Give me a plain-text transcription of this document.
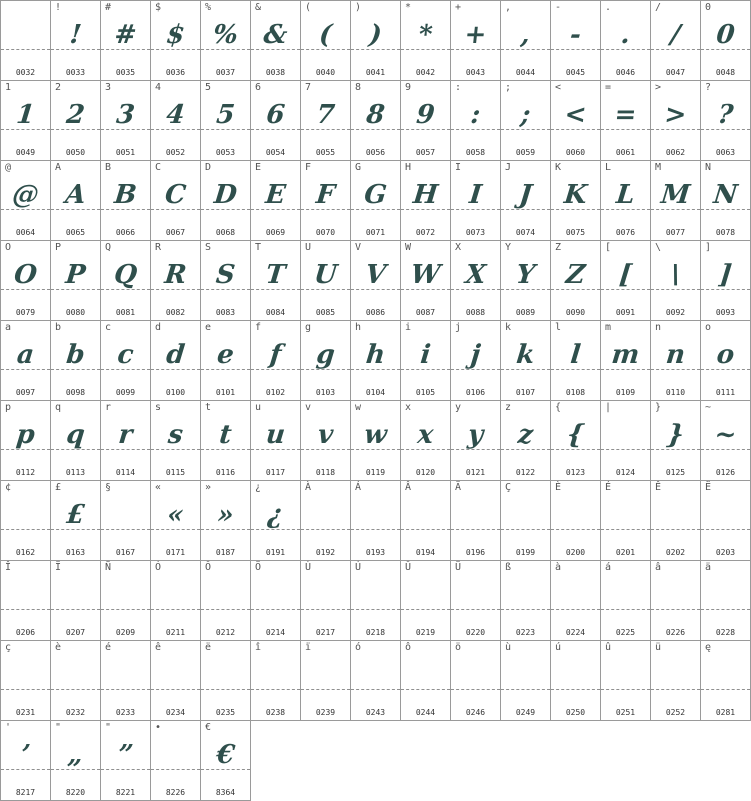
0032
!
!
0033
#
#
0035
$
$
0036
%
%
0037
&
&
0038
(
(
0040
)
)
0041
*
*
0042
+
+
0043
,
,
0044
-
-
0045
.
.
0046
/
/
0047
0
0
0048
1
1
0049
2
2
0050
3
3
0051
4
4
0052
5
5
0053
6
6
0054
7
7
0055
8
8
0056
9
9
0057
:
:
0058
;
;
0059
<
<
0060
=
=
0061
>
>
0062
?
?
0063
@
@
0064
A
A
0065
B
B
0066
C
C
0067
D
D
0068
E
E
0069
F
F
0070
G
G
0071
H
H
0072
I
I
0073
J
J
0074
K
K
0075
L
L
0076
M
M
0077
N
N
0078
O
O
0079
P
P
0080
Q
Q
0081
R
R
0082
S
S
0083
T
T
0084
U
U
0085
V
V
0086
W
W
0087
X
X
0088
Y
Y
0089
Z
Z
0090
[
[
0091
\
\
0092
]
]
0093
a
a
0097
b
b
0098
c
c
0099
d
d
0100
e
e
0101
f
f
0102
g
g
0103
h
h
0104
i
i
0105
j
j
0106
k
k
0107
l
l
0108
m
m
0109
n
n
0110
o
o
0111
p
p
0112
q
q
0113
r
r
0114
s
s
0115
t
t
0116
u
u
0117
v
v
0118
w
w
0119
x
x
0120
y
y
0121
z
z
0122
{
{
0123
|
0124
}
}
0125
~
~
0126
¢
0162
£
£
0163
§
0167
«
«
0171
»
»
0187
¿
¿
0191
À
0192
Á
0193
Â
0194
Ä
0196
Ç
0199
È
0200
É
0201
Ê
0202
Ë
0203
Î
0206
Ï
0207
Ñ
0209
Ó
0211
Ô
0212
Ö
0214
Ù
0217
Ú
0218
Û
0219
Ü
0220
ß
0223
à
0224
á
0225
â
0226
ä
0228
ç
0231
è
0232
é
0233
ê
0234
ë
0235
î
0238
ï
0239
ó
0243
ô
0244
ö
0246
ù
0249
ú
0250
û
0251
ü
0252
ę
0281
'
’
8217
"
„
8220
"
”
8221
•
8226
€
€
8364
